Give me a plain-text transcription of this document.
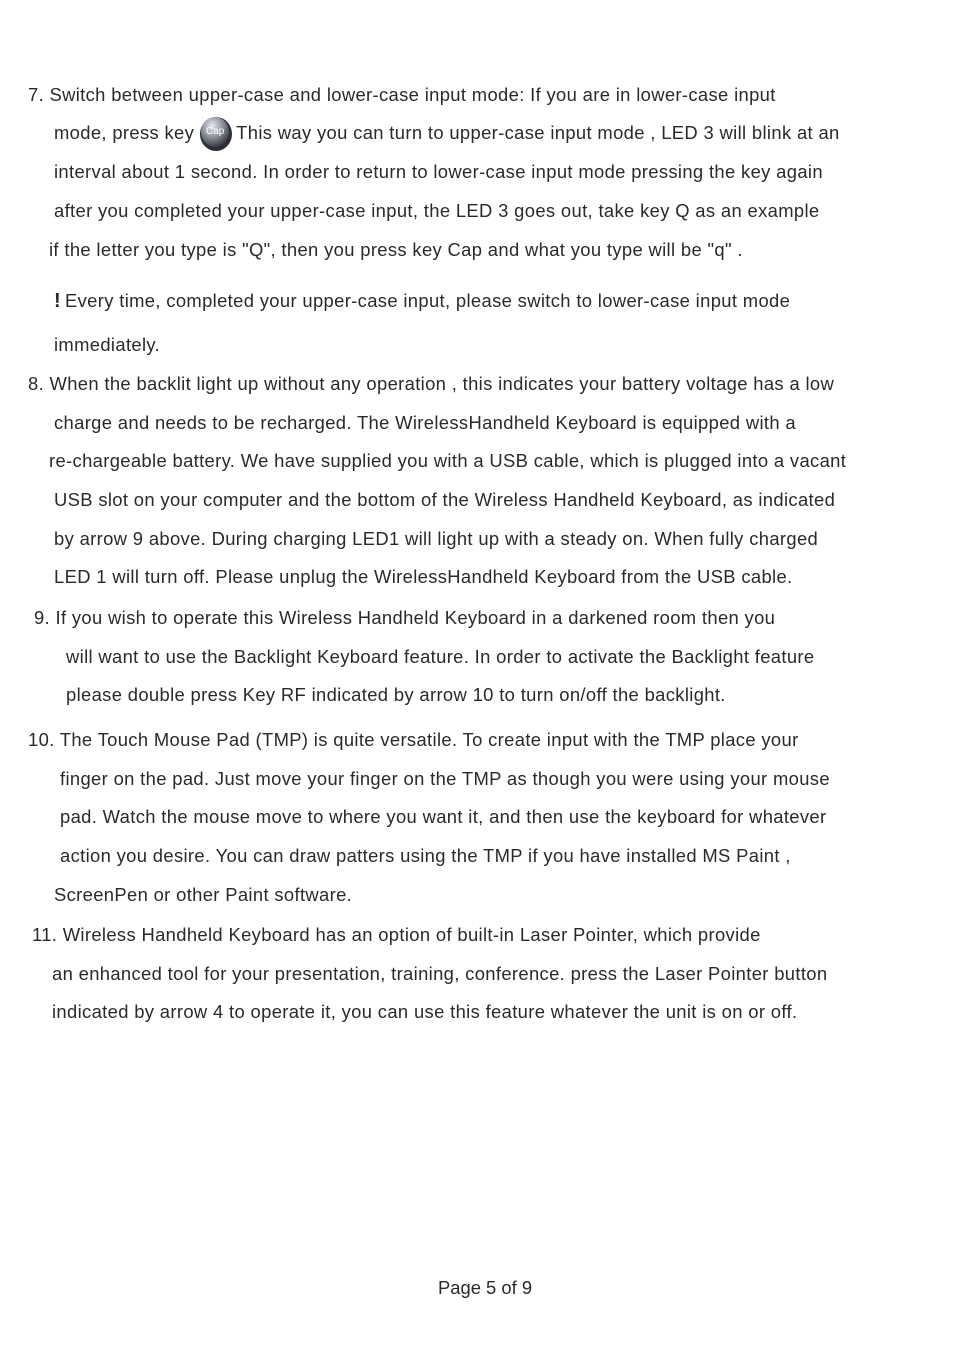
7. Switch between upper-case and lower-case input mode: If you are in lower-case input
mode, press key	Cap This way you can turn to upper-case input mode , LED 3 will blink at an
interval about 1 second. In order to return to lower-case input mode pressing the key again
after you completed your upper-case input, the LED 3 goes out, take key Q as an example
if the letter you type is "Q", then you press key Cap and what you type will be "q" .
! Every time, completed your upper-case input, please switch to lower-case input mode
immediately.
8. When the backlit light up without any operation , this indicates your battery voltage has a low
charge and needs to be recharged. The WirelessHandheld Keyboard is equipped with a
re-chargeable battery. We have supplied you with a USB cable, which is plugged into a vacant
USB slot on your computer and the bottom of the Wireless Handheld Keyboard, as indicated
by arrow 9 above. During charging LED1 will light up with a steady on. When fully charged
LED 1 will turn off. Please unplug the WirelessHandheld Keyboard from the USB cable.
9. If you wish to operate this Wireless Handheld Keyboard in a darkened room then you
will want to use the Backlight Keyboard feature. In order to activate the Backlight feature
please double press Key RF indicated by arrow 10 to turn on/off the backlight.
10. The Touch Mouse Pad (TMP) is quite versatile. To create input with the TMP place your
finger on the pad. Just move your finger on the TMP as though you were using your mouse
pad. Watch the mouse move to where you want it, and then use the keyboard for whatever
action you desire. You can draw patters using the TMP if you have installed MS Paint ,
ScreenPen or other Paint software.
11. Wireless Handheld Keyboard has an option of built-in Laser Pointer, which provide
an enhanced tool for your presentation, training, conference. press the Laser Pointer button
indicated by arrow 4 to operate it, you can use this feature whatever the unit is on or off.
Page 5 of 9
